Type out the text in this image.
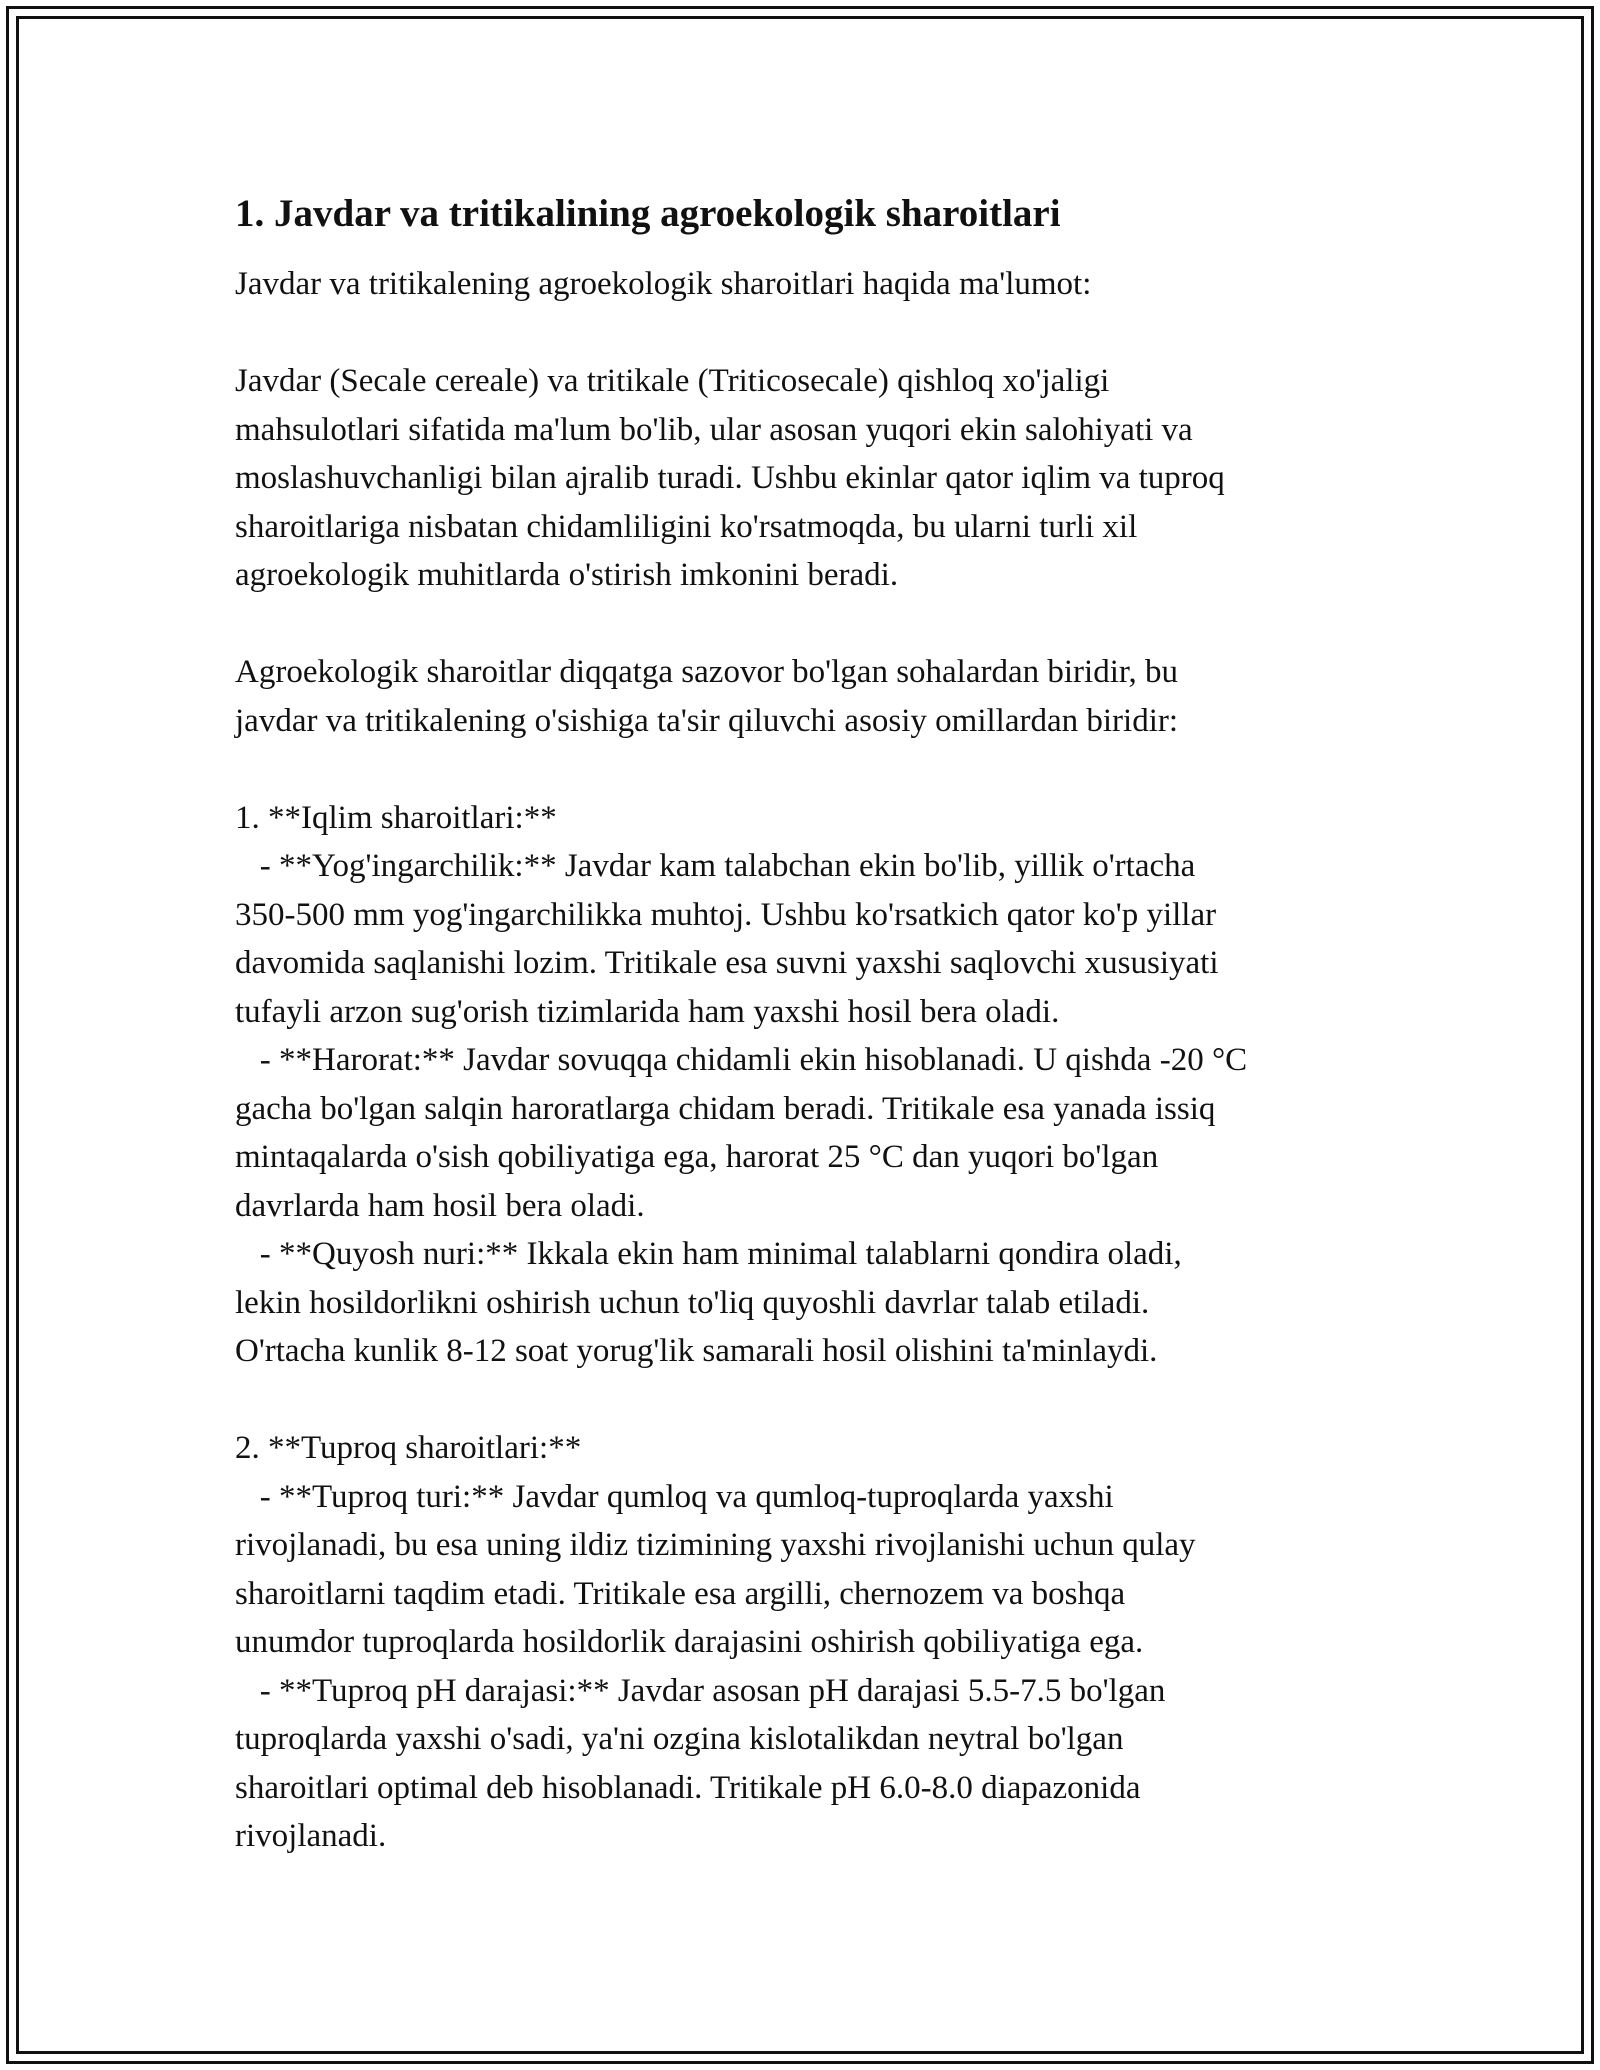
1. Javdar va tritikalining agroekologik sharoitlari
Javdar va tritikalening agroekologik sharoitlari haqida ma'lumot:
Javdar (Secale cereale) va tritikale (Triticosecale) qishloq xo'jaligi
mahsulotlari sifatida ma'lum bo'lib, ular asosan yuqori ekin salohiyati va
moslashuvchanligi bilan ajralib turadi. Ushbu ekinlar qator iqlim va tuproq
sharoitlariga nisbatan chidamliligini ko'rsatmoqda, bu ularni turli xil
agroekologik muhitlarda o'stirish imkonini beradi.
Agroekologik sharoitlar diqqatga sazovor bo'lgan sohalardan biridir, bu
javdar va tritikalening o'sishiga ta'sir qiluvchi asosiy omillardan biridir:
1. **Iqlim sharoitlari:**
- **Yog'ingarchilik:** Javdar kam talabchan ekin bo'lib, yillik o'rtacha
350-500 mm yog'ingarchilikka muhtoj. Ushbu ko'rsatkich qator ko'p yillar
davomida saqlanishi lozim. Tritikale esa suvni yaxshi saqlovchi xususiyati
tufayli arzon sug'orish tizimlarida ham yaxshi hosil bera oladi.
- **Harorat:** Javdar sovuqqa chidamli ekin hisoblanadi. U qishda -20 °C
gacha bo'lgan salqin haroratlarga chidam beradi. Tritikale esa yanada issiq
mintaqalarda o'sish qobiliyatiga ega, harorat 25 °C dan yuqori bo'lgan
davrlarda ham hosil bera oladi.
- **Quyosh nuri:** Ikkala ekin ham minimal talablarni qondira oladi,
lekin hosildorlikni oshirish uchun to'liq quyoshli davrlar talab etiladi.
O'rtacha kunlik 8-12 soat yorug'lik samarali hosil olishini ta'minlaydi.
2. **Tuproq sharoitlari:**
- **Tuproq turi:** Javdar qumloq va qumloq-tuproqlarda yaxshi
rivojlanadi, bu esa uning ildiz tizimining yaxshi rivojlanishi uchun qulay
sharoitlarni taqdim etadi. Tritikale esa argilli, chernozem va boshqa
unumdor tuproqlarda hosildorlik darajasini oshirish qobiliyatiga ega.
- **Tuproq pH darajasi:** Javdar asosan pH darajasi 5.5-7.5 bo'lgan
tuproqlarda yaxshi o'sadi, ya'ni ozgina kislotalikdan neytral bo'lgan
sharoitlari optimal deb hisoblanadi. Tritikale pH 6.0-8.0 diapazonida
rivojlanadi.
